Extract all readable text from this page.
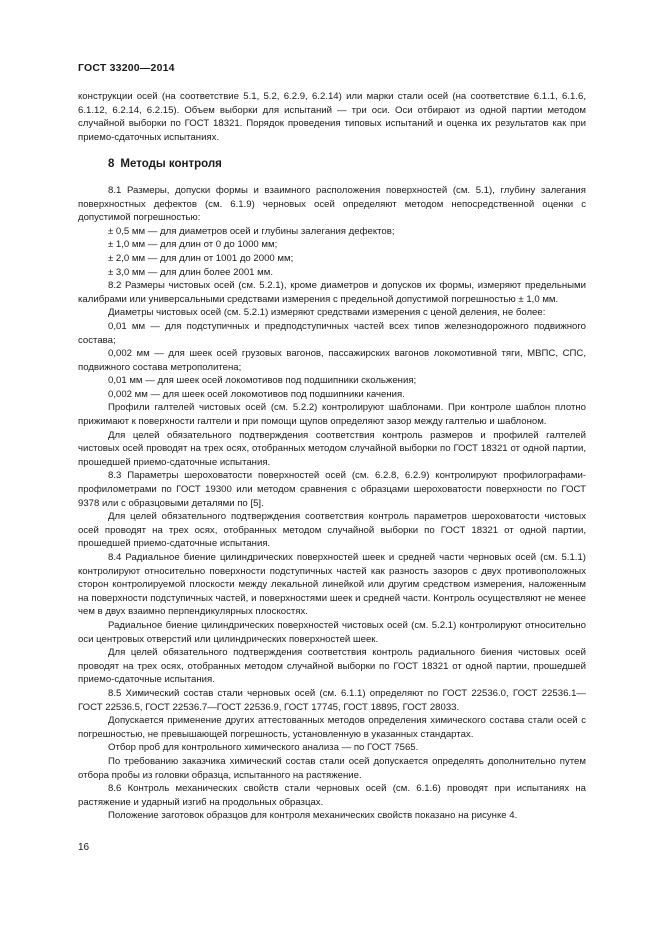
ГОСТ 33200—2014

конструкции осей (на соответствие 5.1, 5.2, 6.2.9, 6.2.14) или марки стали осей (на соответствие 6.1.1, 6.1.6, 6.1.12, 6.2.14, 6.2.15). Объем выборки для испытаний — три оси. Оси отбирают из одной партии методом случайной выборки по ГОСТ 18321. Порядок проведения типовых испытаний и оценка их результатов как при приемо-сдаточных испытаниях.

8 Методы контроля

8.1 Размеры, допуски формы и взаимного расположения поверхностей (см. 5.1), глубину залегания поверхностных дефектов (см. 6.1.9) черновых осей определяют методом непосредственной оценки с допустимой погрешностью:

± 0,5 мм — для диаметров осей и глубины залегания дефектов;

± 1,0 мм — для длин от 0 до 1000 мм;

± 2,0 мм — для длин от 1001 до 2000 мм;

± 3,0 мм — для длин более 2001 мм.

8.2 Размеры чистовых осей (см. 5.2.1), кроме диаметров и допусков их формы, измеряют предельными калибрами или универсальными средствами измерения с предельной допустимой погрешностью ± 1,0 мм.

Диаметры чистовых осей (см. 5.2.1) измеряют средствами измерения с ценой деления, не более:

0,01 мм — для подступичных и предподступичных частей всех типов железнодорожного подвижного состава;

0,002 мм — для шеек осей грузовых вагонов, пассажирских вагонов локомотивной тяги, МВПС, СПС, подвижного состава метрополитена;

0,01 мм — для шеек осей локомотивов под подшипники скольжения;

0,002 мм — для шеек осей локомотивов под подшипники качения.

Профили галтелей чистовых осей (см. 5.2.2) контролируют шаблонами. При контроле шаблон плотно прижимают к поверхности галтели и при помощи щупов определяют зазор между галтелью и шаблоном.

Для целей обязательного подтверждения соответствия контроль размеров и профилей галтелей чистовых осей проводят на трех осях, отобранных методом случайной выборки по ГОСТ 18321 от одной партии, прошедшей приемо-сдаточные испытания.

8.3 Параметры шероховатости поверхностей осей (см. 6.2.8, 6.2.9) контролируют профилографами-профилометрами по ГОСТ 19300 или методом сравнения с образцами шероховатости поверхности по ГОСТ 9378 или с образцовыми деталями по [5].

Для целей обязательного подтверждения соответствия контроль параметров шероховатости чистовых осей проводят на трех осях, отобранных методом случайной выборки по ГОСТ 18321 от одной партии, прошедшей приемо-сдаточные испытания.

8.4 Радиальное биение цилиндрических поверхностей шеек и средней части черновых осей (см. 5.1.1) контролируют относительно поверхности подступичных частей как разность зазоров с двух противоположных сторон контролируемой плоскости между лекальной линейкой или другим средством измерения, наложенным на поверхности подступичных частей, и поверхностями шеек и средней части. Контроль осуществляют не менее чем в двух взаимно перпендикулярных плоскостях.

Радиальное биение цилиндрических поверхностей чистовых осей (см. 5.2.1) контролируют относительно оси центровых отверстий или цилиндрических поверхностей шеек.

Для целей обязательного подтверждения соответствия контроль радиального биения чистовых осей проводят на трех осях, отобранных методом случайной выборки по ГОСТ 18321 от одной партии, прошедшей приемо-сдаточные испытания.

8.5 Химический состав стали черновых осей (см. 6.1.1) определяют по ГОСТ 22536.0, ГОСТ 22536.1—ГОСТ 22536.5, ГОСТ 22536.7—ГОСТ 22536.9, ГОСТ 17745, ГОСТ 18895, ГОСТ 28033.

Допускается применение других аттестованных методов определения химического состава стали осей с погрешностью, не превышающей погрешность, установленную в указанных стандартах.

Отбор проб для контрольного химического анализа — по ГОСТ 7565.

По требованию заказчика химический состав стали осей допускается определять дополнительно путем отбора пробы из головки образца, испытанного на растяжение.

8.6 Контроль механических свойств стали черновых осей (см. 6.1.6) проводят при испытаниях на растяжение и ударный изгиб на продольных образцах.

Положение заготовок образцов для контроля механических свойств показано на рисунке 4.

16
